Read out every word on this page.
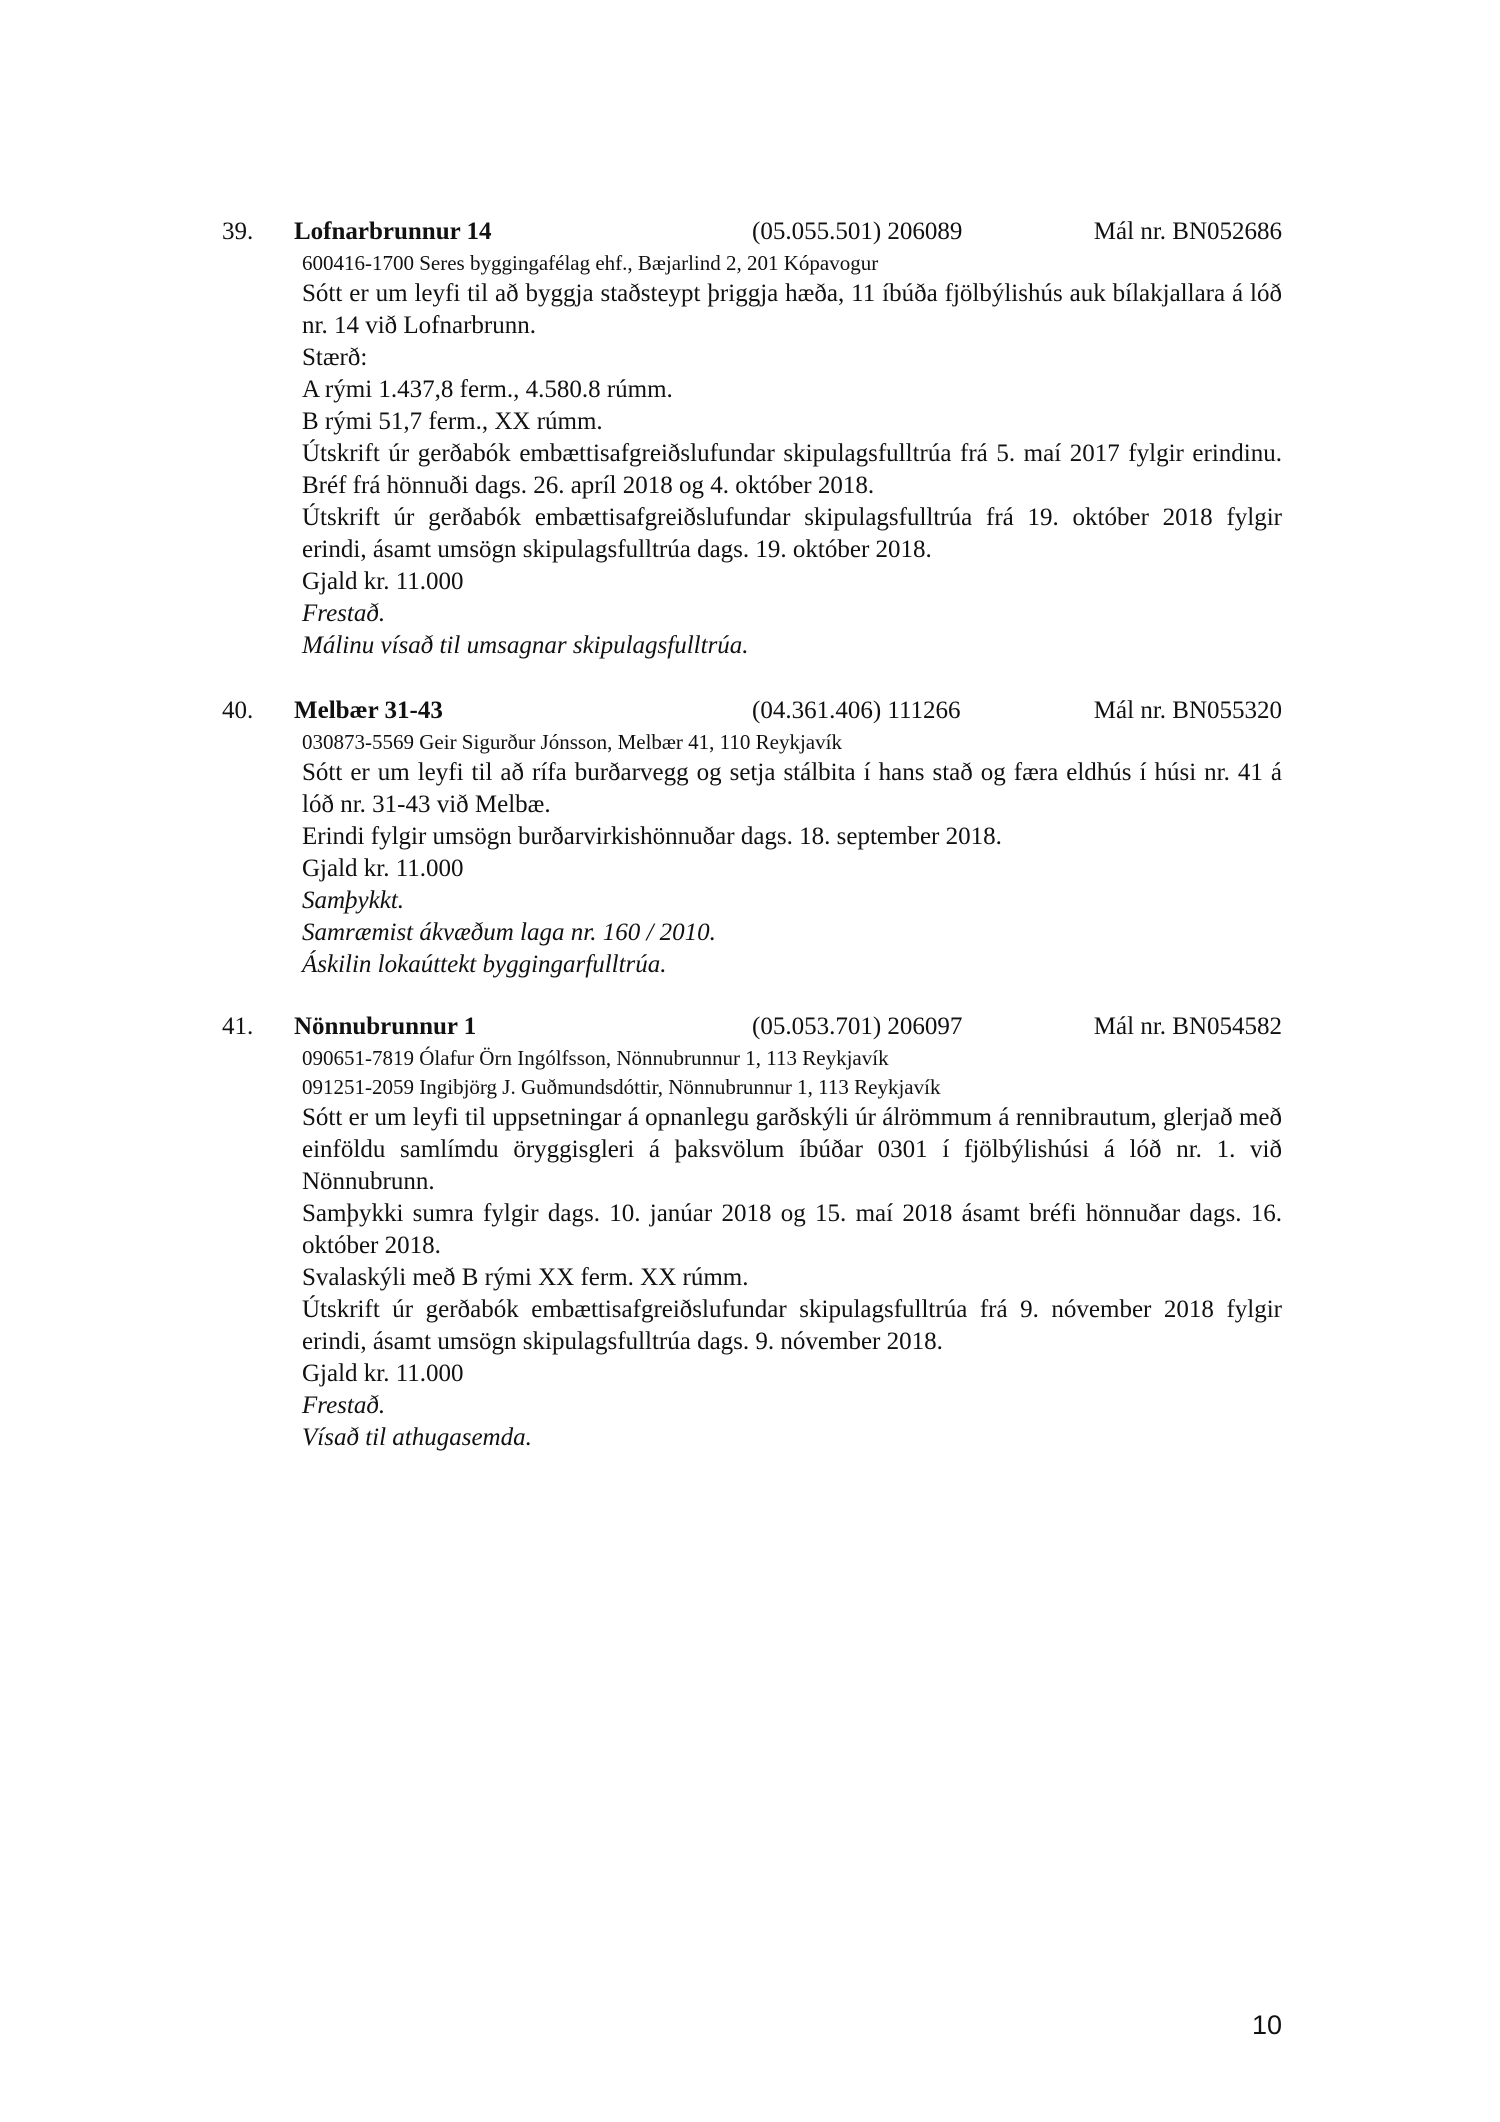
39. Lofnarbrunnur 14	(05.055.501) 206089	Mál nr. BN052686
600416-1700 Seres byggingafélag ehf., Bæjarlind 2, 201 Kópavogur
Sótt er um leyfi til að byggja staðsteypt þriggja hæða, 11 íbúða fjölbýlishús auk bílakjallara á lóð nr. 14 við Lofnarbrunn.
Stærð:
A rými 1.437,8 ferm., 4.580.8 rúmm.
B rými 51,7 ferm., XX rúmm.
Útskrift úr gerðabók embættisafgreiðslufundar skipulagsfulltrúa frá 5. maí 2017 fylgir erindinu. Bréf frá hönnuði dags. 26. apríl 2018 og 4. október 2018.
Útskrift úr gerðabók embættisafgreiðslufundar skipulagsfulltrúa frá 19. október 2018 fylgir erindi, ásamt umsögn skipulagsfulltrúa dags. 19. október 2018.
Gjald kr. 11.000
Frestað.
Málinu vísað til umsagnar skipulagsfulltrúa.
40. Melbær 31-43	(04.361.406) 111266	Mál nr. BN055320
030873-5569 Geir Sigurður Jónsson, Melbær 41, 110 Reykjavík
Sótt er um leyfi til að rífa burðarvegg og setja stálbita í hans stað og færa eldhús í húsi nr. 41 á lóð nr. 31-43 við Melbæ.
Erindi fylgir umsögn burðarvirkishönnuðar dags. 18. september 2018.
Gjald kr. 11.000
Samþykkt.
Samræmist ákvæðum laga nr. 160 / 2010.
Áskilin lokaúttekt byggingarfulltrúa.
41. Nönnubrunnur 1	(05.053.701) 206097	Mál nr. BN054582
090651-7819 Ólafur Örn Ingólfsson, Nönnubrunnur 1, 113 Reykjavík
091251-2059 Ingibjörg J. Guðmundsdóttir, Nönnubrunnur 1, 113 Reykjavík
Sótt er um leyfi til uppsetningar á opnanlegu garðskýli úr álrömmum á rennibrautum, glerjað með einföldu samlímdu öryggisgleri á þaksvölum íbúðar 0301 í fjölbýlishúsi á lóð nr. 1. við Nönnubrunn.
Samþykki sumra fylgir dags. 10. janúar 2018 og 15. maí 2018 ásamt bréfi hönnuðar dags. 16. október 2018.
Svalaskýli með B rými XX ferm. XX rúmm.
Útskrift úr gerðabók embættisafgreiðslufundar skipulagsfulltrúa frá 9. nóvember 2018 fylgir erindi, ásamt umsögn skipulagsfulltrúa dags. 9. nóvember 2018.
Gjald kr. 11.000
Frestað.
Vísað til athugasemda.
10
